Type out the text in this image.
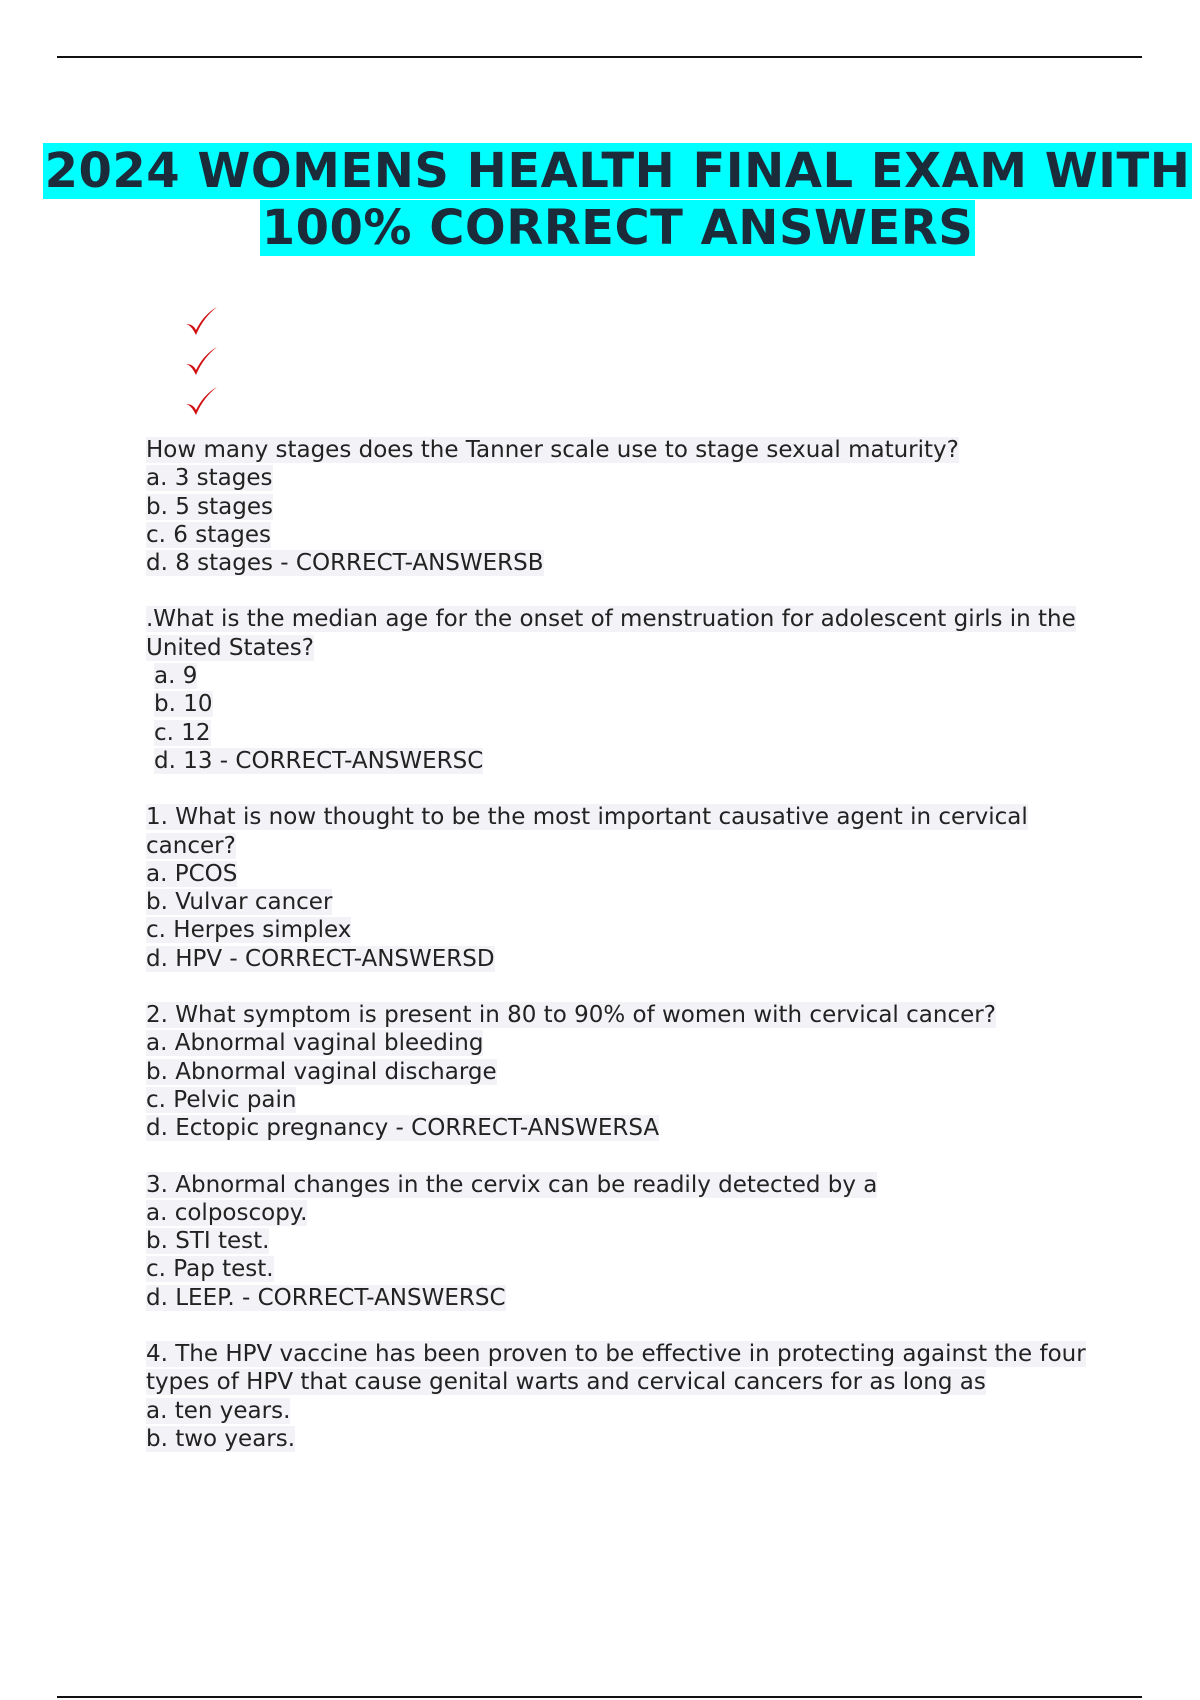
2024 WOMENS HEALTH FINAL EXAM WITH 100% CORRECT ANSWERS
How many stages does the Tanner scale use to stage sexual maturity?
a. 3 stages
b. 5 stages
c. 6 stages
d. 8 stages - CORRECT-ANSWERSB
.What is the median age for the onset of menstruation for adolescent girls in the United States?
a. 9
b. 10
c. 12
d. 13 - CORRECT-ANSWERSC
1. What is now thought to be the most important causative agent in cervical cancer?
a. PCOS
b. Vulvar cancer
c. Herpes simplex
d. HPV - CORRECT-ANSWERSD
2. What symptom is present in 80 to 90% of women with cervical cancer?
a. Abnormal vaginal bleeding
b. Abnormal vaginal discharge
c. Pelvic pain
d. Ectopic pregnancy - CORRECT-ANSWERSA
3. Abnormal changes in the cervix can be readily detected by a
a. colposcopy.
b. STI test.
c. Pap test.
d. LEEP. - CORRECT-ANSWERSC
4. The HPV vaccine has been proven to be effective in protecting against the four types of HPV that cause genital warts and cervical cancers for as long as
a. ten years.
b. two years.
